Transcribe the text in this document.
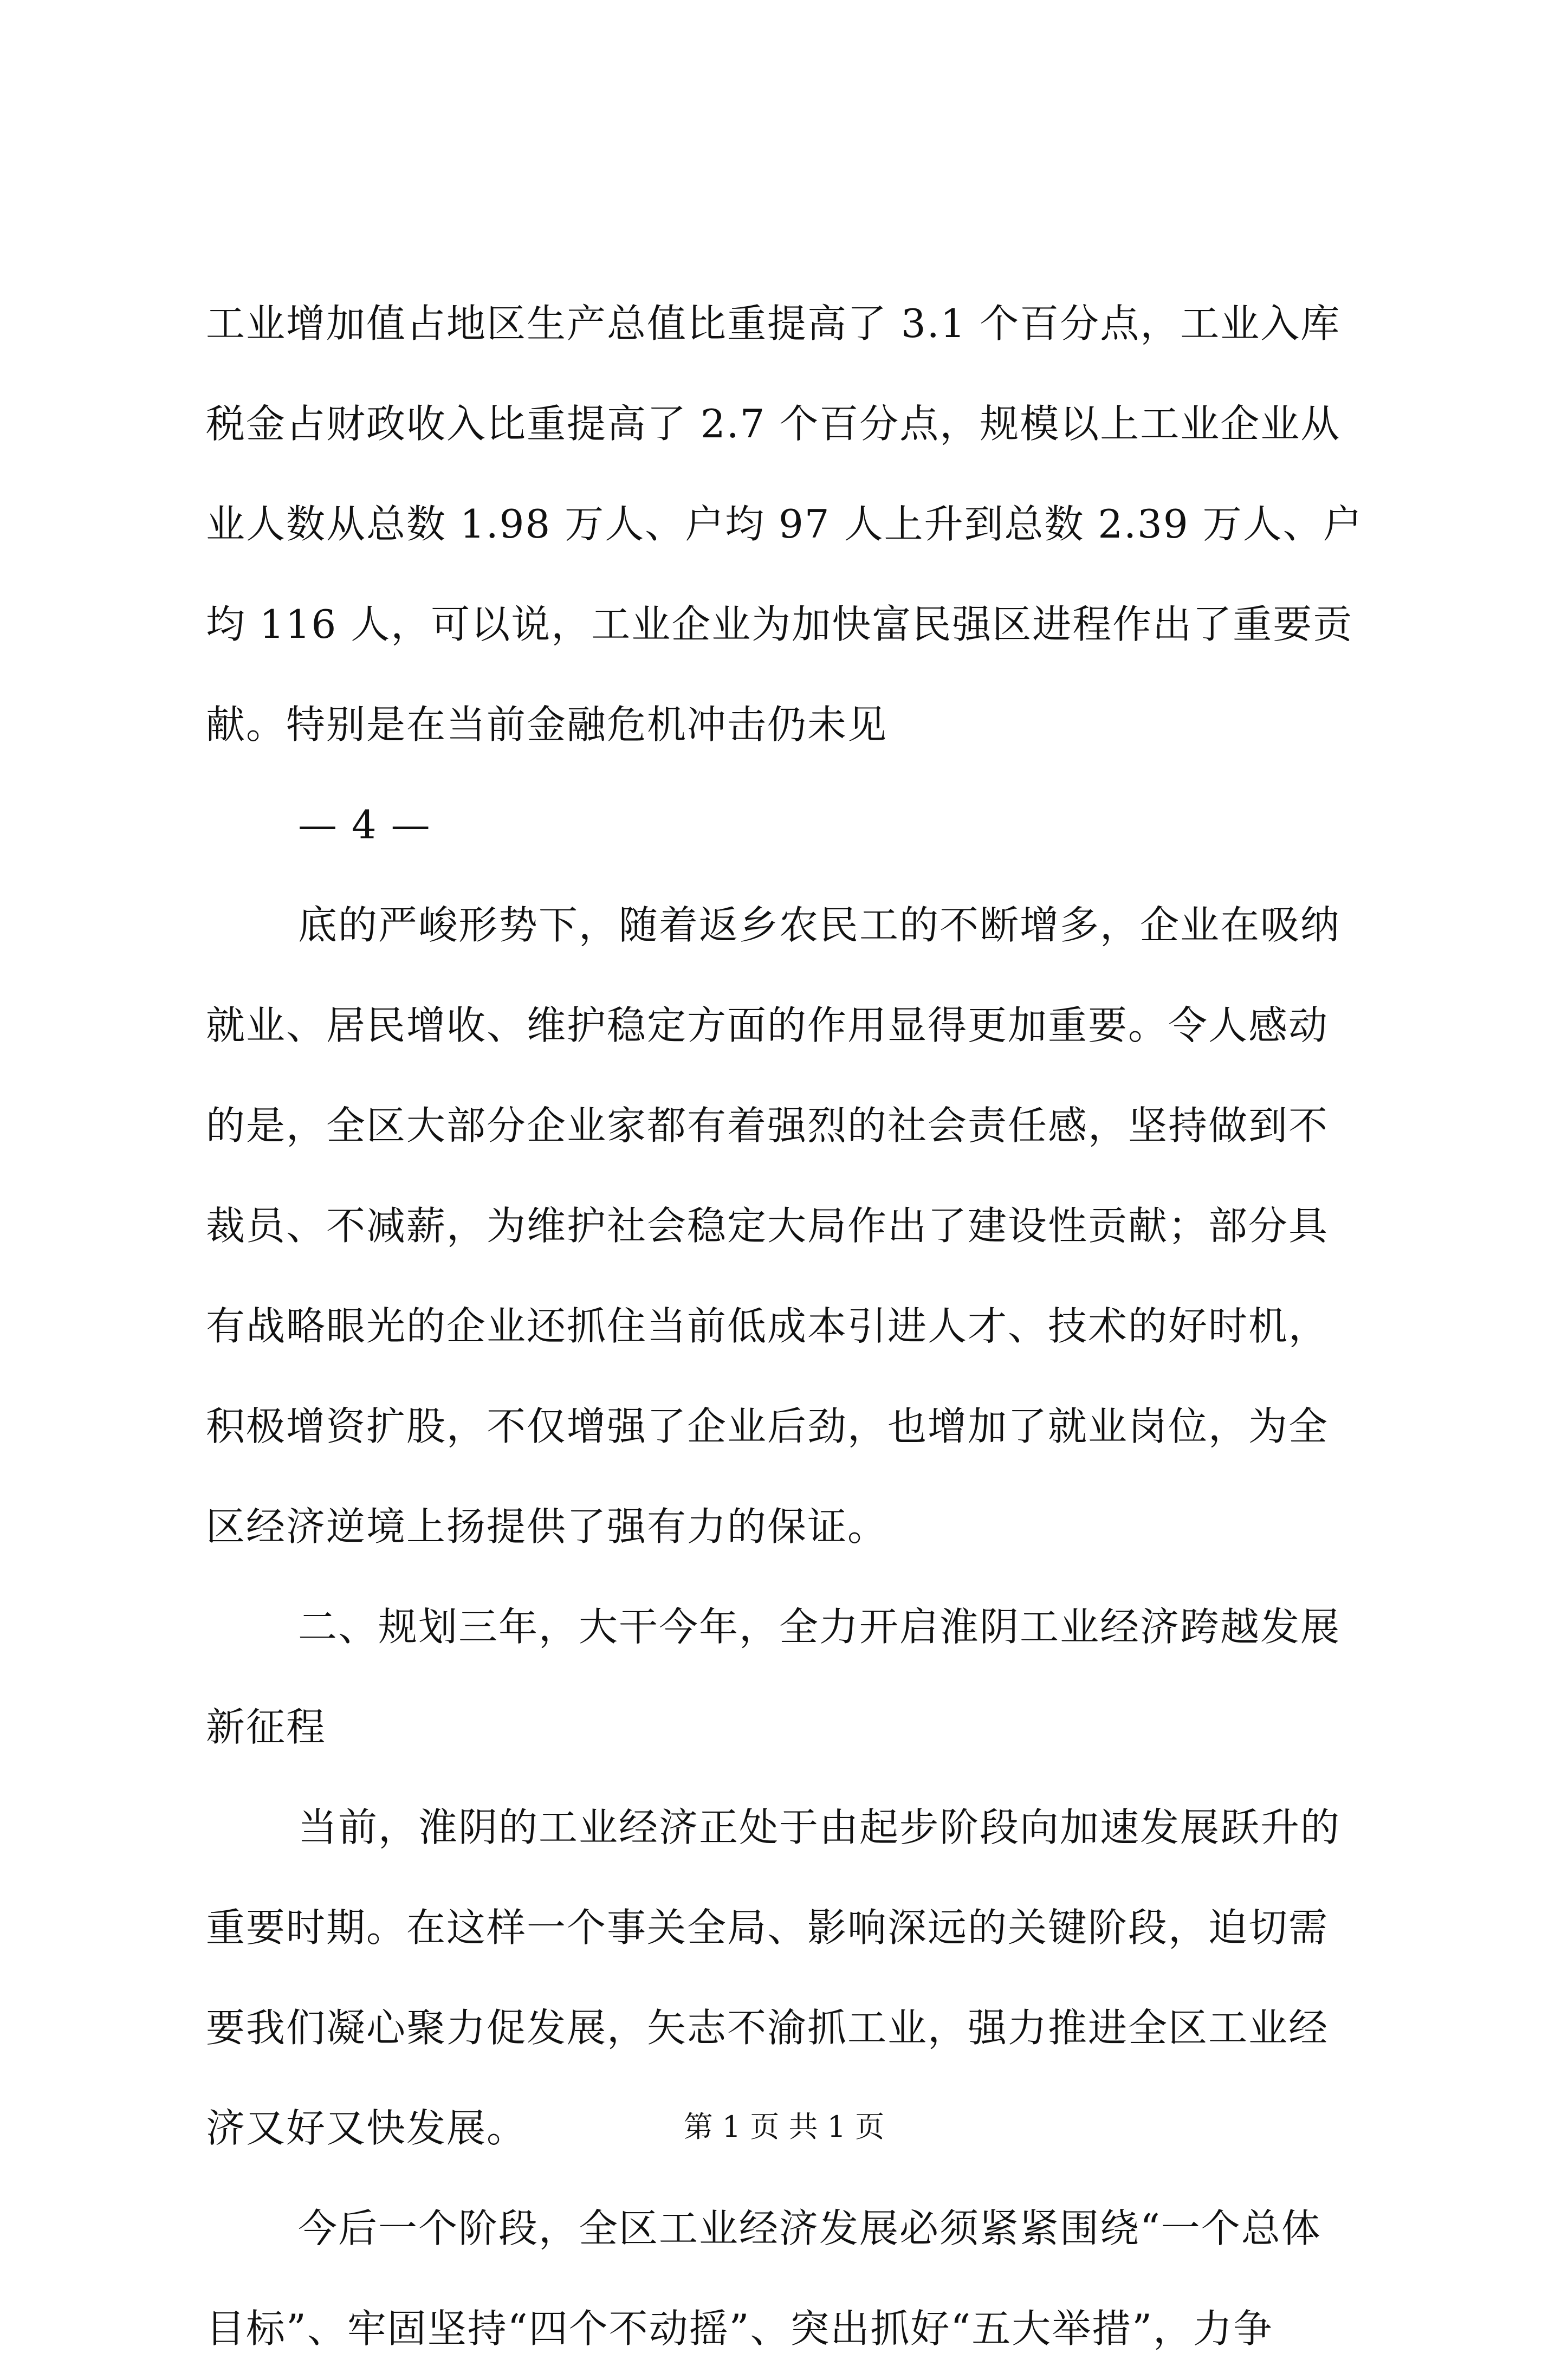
工业增加值占地区生产总值比重提高了 3.1 个百分点，工业入库
税金占财政收入比重提高了 2.7 个百分点，规模以上工业企业从
业人数从总数 1.98 万人、户均 97 人上升到总数 2.39 万人、户
均 116 人，可以说，工业企业为加快富民强区进程作出了重要贡
献。特别是在当前金融危机冲击仍未见
— 4 —
底的严峻形势下，随着返乡农民工的不断增多，企业在吸纳
就业、居民增收、维护稳定方面的作用显得更加重要。令人感动
的是，全区大部分企业家都有着强烈的社会责任感，坚持做到不
裁员、不减薪，为维护社会稳定大局作出了建设性贡献；部分具
有战略眼光的企业还抓住当前低成本引进人才、技术的好时机，
积极增资扩股，不仅增强了企业后劲，也增加了就业岗位，为全
区经济逆境上扬提供了强有力的保证。
二、规划三年，大干今年，全力开启淮阴工业经济跨越发展
新征程
当前，淮阴的工业经济正处于由起步阶段向加速发展跃升的
重要时期。在这样一个事关全局、影响深远的关键阶段，迫切需
要我们凝心聚力促发展，矢志不渝抓工业，强力推进全区工业经
济又好又快发展。
今后一个阶段，全区工业经济发展必须紧紧围绕“一个总体
目标”、牢固坚持“四个不动摇”、突出抓好“五大举措”，力争
第 1 页 共 1 页
